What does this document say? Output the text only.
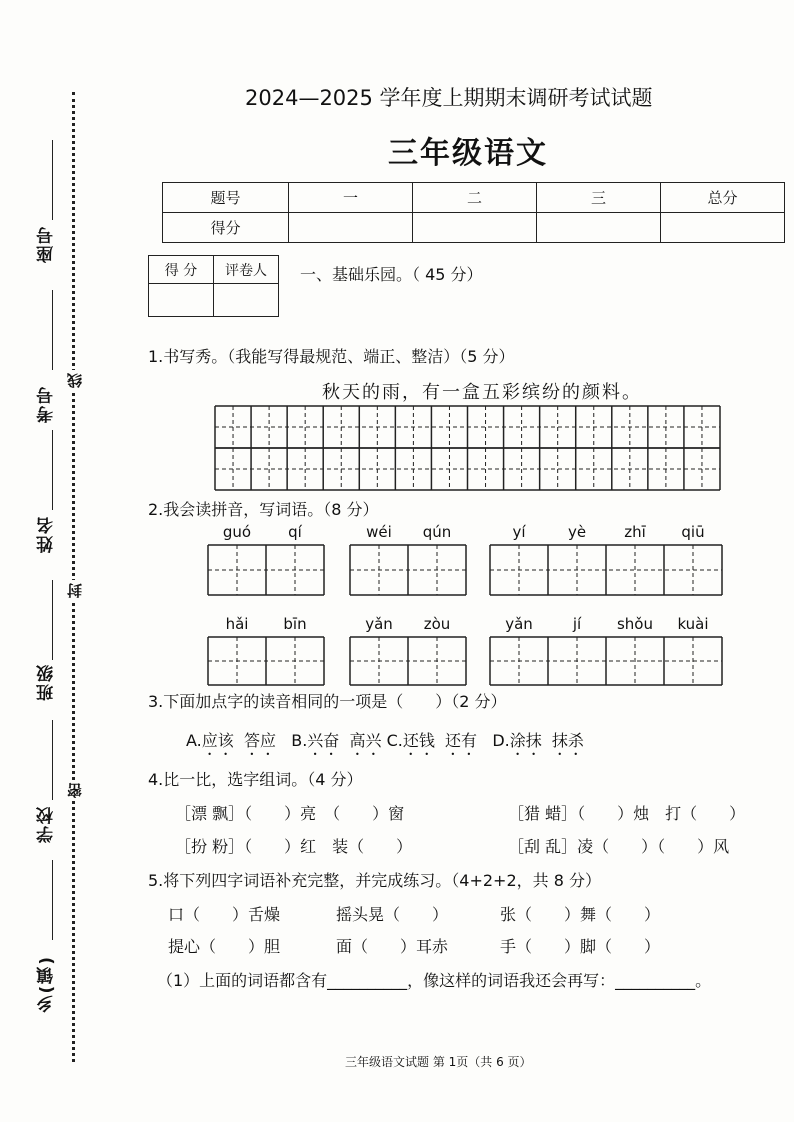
座号
考号
姓名
班级
学校
乡(镇)
线
封
密
2024—2025 学年度上期期末调研考试试题
三年级语文
题号	一	二	三	总分
得分				
得 分	评卷人
	一、基础乐园。（ 45 分）
1.书写秀。（我能写得最规范、端正、整洁）（5 分）
秋天的雨，有一盒五彩缤纷的颜料。
2.我会读拼音，写词语。（8 分）
guó	qí	wéi	qún	yí	yè	zhī	qiū
hǎi	bīn	yǎn	zòu	yǎn	jí	shǒu	kuài
3.下面加点字的读音相同的一项是（　　）（2 分）
A.应该 答应 B.兴奋 高兴 C.还钱 还有 D.涂抹 抹杀
4.比一比，选字组词。（4 分）
［漂 飘］（　　）亮　（　　）窗	［猎 蜡］（　　）烛　打（　　）
［扮 粉］（　　）红　装（　　）	［刮 乱］凌（　　）（　　）风
5.将下列四字词语补充完整，并完成练习。（4+2+2，共 8 分）
口（　　）舌燥	摇头晃（　　）	张（　　）舞（　　）
提心（　　）胆	面（　　）耳赤	手（　　）脚（　　）
（1）上面的词语都含有__________，像这样的词语我还会再写：__________。
三年级语文试题 第 1页（共 6 页）
